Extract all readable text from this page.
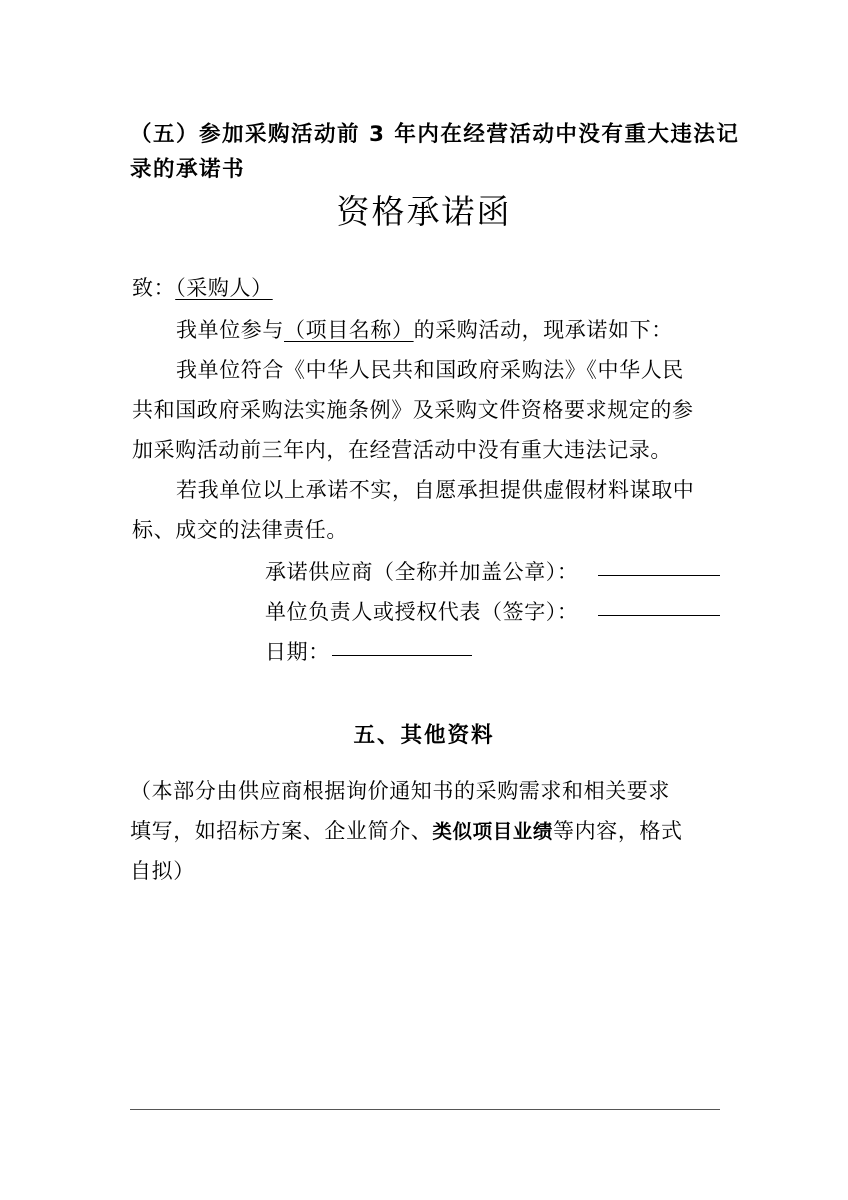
（五）参加采购活动前 3 年内在经营活动中没有重大违法记
录的承诺书
资格承诺函
致：（采购人）
我单位参与（项目名称）的采购活动，现承诺如下：
我单位符合《中华人民共和国政府采购法》《中华人民
共和国政府采购法实施条例》及采购文件资格要求规定的参
加采购活动前三年内，在经营活动中没有重大违法记录。
若我单位以上承诺不实，自愿承担提供虚假材料谋取中
标、成交的法律责任。
承诺供应商（全称并加盖公章）：
单位负责人或授权代表（签字）：
日期：
五、其他资料
（本部分由供应商根据询价通知书的采购需求和相关要求
填写，如招标方案、企业简介、类似项目业绩等内容，格式
自拟）
